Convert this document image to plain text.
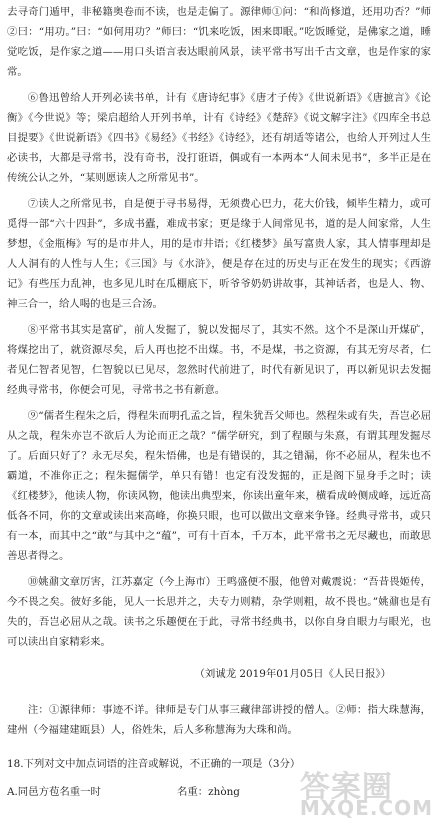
去寻奇门遁甲，非秘籍奥卷而不读，也是走偏了。源律师①问：“和尚修道，还用功否？”师②曰：“用功。”曰：“如何用功？”师曰：“饥来吃饭，困来即眠。”吃饭睡觉，是佛家之道，睡觉吃饭，是作家之道——用口头语言表达眼前风景，读平常书写出千古文章，也是作家的家常。

⑥鲁迅曾给人开列必读书单，计有《唐诗纪事》《唐才子传》《世说新语》《唐摭言》《论衡》《今世说》等；梁启超给人开列书单，计有《诗经》《楚辞》《说文解字注》《四库全书总目提要》《世说新语》《四书》《易经》《书经》《诗经》，还有胡适等诸公，也给人开列过人生必读书，大都是寻常书，没有奇书，没打诳语，偶或有一本两本“人间未见书”，多半正是在传统公认之外，“某则愿读人之所常见书”。

⑦读人之所常见书，自是便于寻书易得，无须费心巴力，花大价钱，倾毕生精力，或可觅得一部“六十四卦”，多成书蠹，难成书家；更是缘于人间常见书，道的是人间家常，人生梦想，《金瓶梅》写的是市井人，用的是市井语；《红楼梦》虽写富贵人家，其人情事理却是人人洞有的人性与人生；《三国》与《水浒》，便是存在过的历史与正在发生的现实；《西游记》有些压力乱神，也多见儿时在瓜棚底下，听爷爷奶奶讲故事，其神话者，也是人、物、神三合一，给人喝的也是三合汤。

⑧平常书其实是富矿，前人发掘了，貌以发掘尽了，其实不然。这个不是深山开煤矿，将煤挖出了，就资源尽矣，后人再也挖不出煤。书，不是煤，书之资源，有其无穷尽者，仁者见仁智者见智，仁智貌以已见尽，忽然时代前进了，时代有新见识了，再以新见识去发掘经典寻常书，你便会可见，寻常书之书有新意。

⑨“儒者生程朱之后，得程朱而明孔孟之旨，程朱犹吾父师也。然程朱或有失，吾岂必屈从之哉，程朱亦岂不欲后人为论而正之哉？”儒学研究，到了程颐与朱熹，有谓其理发掘尽了。后面只好了？永无尽矣，程朱悟佛，也是有错误的，其之错漏，你不必屈从，程朱也不霸道，不准你正之；程朱掘儒学，单只有错！也定有没发掘的，正是阁下显身手之时；读《红楼梦》，他读人物，你读风物，他读出典型来，你读出童年来，横看成岭侧成峰，远近高低各不同，你的文章或读出来高峰，你换只眼，也可以做出文章来争锋。经典寻常书，或只有一本，而其中之“敢”与其中之“蕴”，可有十百本，千万本，此平常书之无尽藏也，而敢思善思者得之。

⑩姚鼐文章厉害，江苏嘉定（今上海市）王鸣盛便不服，他曾对戴震说：“吾昔畏姬传，今不畏之矣。彼好多能，见人一长思并之，夫专力则精，杂学则粗，故不畏也。”姚鼐也是有失的，吾岂必屈从之哉。读书之乐趣便在于此，寻常书经典书，以你自身自眼力与眼光，也可以读出自家精彩来。

（刘诚龙 2019年01月05日《人民日报》）

注：①源律师：事迹不详。律师是专门从事三藏律部讲授的僧人。②师：指大珠慧海，建州（今福建建瓯县）人，俗姓朱，后人多称慧海为大珠和尚。

18.下列对文中加点词语的注音或解说，不正确的一项是（3分）

A.同邑方苞名重一时	名重：zhòng 答案圈
MXQE.COM
